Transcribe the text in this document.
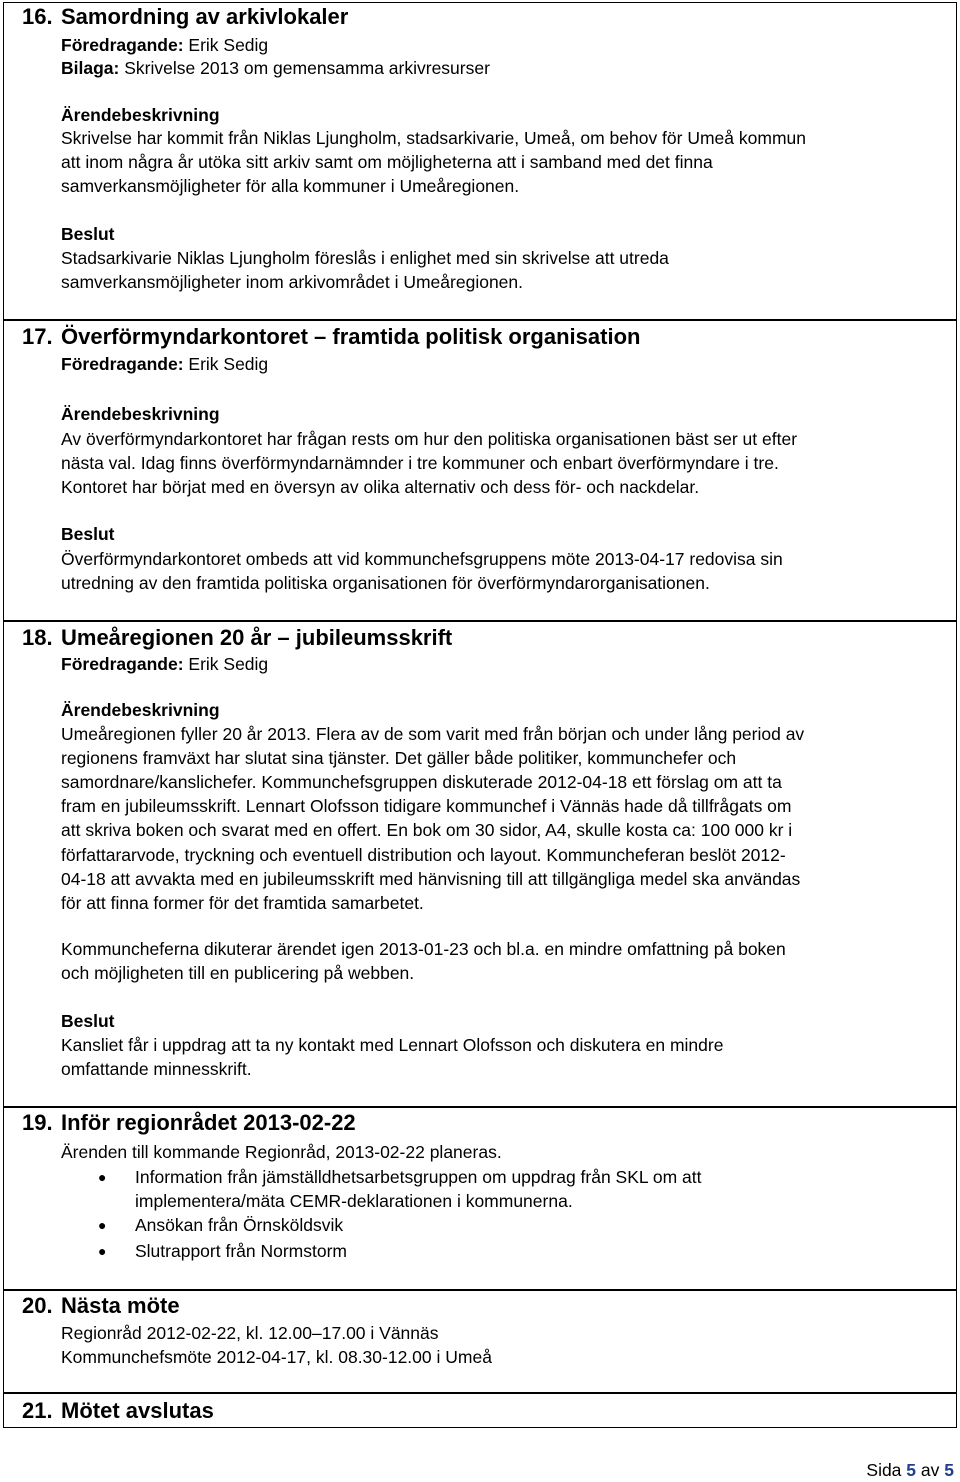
16. Samordning av arkivlokaler
Föredragande: Erik Sedig
Bilaga: Skrivelse 2013 om gemensamma arkivresurser
Ärendebeskrivning
Skrivelse har kommit från Niklas Ljungholm, stadsarkivarie, Umeå, om behov för Umeå kommun
att inom några år utöka sitt arkiv samt om möjligheterna att i samband med det finna
samverkansmöjligheter för alla kommuner i Umeåregionen.
Beslut
Stadsarkivarie Niklas Ljungholm föreslås i enlighet med sin skrivelse att utreda
samverkansmöjligheter inom arkivområdet i Umeåregionen.
17. Överförmyndarkontoret – framtida politisk organisation
Föredragande: Erik Sedig
Ärendebeskrivning
Av överförmyndarkontoret har frågan rests om hur den politiska organisationen bäst ser ut efter
nästa val. Idag finns överförmyndarnämnder i tre kommuner och enbart överförmyndare i tre.
Kontoret har börjat med en översyn av olika alternativ och dess för- och nackdelar.
Beslut
Överförmyndarkontoret ombeds att vid kommunchefsgruppens möte 2013-04-17 redovisa sin
utredning av den framtida politiska organisationen för överförmyndarorganisationen.
18. Umeåregionen 20 år – jubileumsskrift
Föredragande: Erik Sedig
Ärendebeskrivning
Umeåregionen fyller 20 år 2013. Flera av de som varit med från början och under lång period av
regionens framväxt har slutat sina tjänster. Det gäller både politiker, kommunchefer och
samordnare/kanslichefer. Kommunchefsgruppen diskuterade 2012-04-18 ett förslag om att ta
fram en jubileumsskrift. Lennart Olofsson tidigare kommunchef i Vännäs hade då tillfrågats om
att skriva boken och svarat med en offert. En bok om 30 sidor, A4, skulle kosta ca: 100 000 kr i
författararvode, tryckning och eventuell distribution och layout. Kommuncheferan beslöt 2012-
04-18 att avvakta med en jubileumsskrift med hänvisning till att tillgängliga medel ska användas
för att finna former för det framtida samarbetet.
Kommuncheferna dikuterar ärendet igen 2013-01-23 och bl.a. en mindre omfattning på boken
och möjligheten till en publicering på webben.
Beslut
Kansliet får i uppdrag att ta ny kontakt med Lennart Olofsson och diskutera en mindre
omfattande minnesskrift.
19. Inför regionrådet 2013-02-22
Ärenden till kommande Regionråd, 2013-02-22 planeras.
● Information från jämställdhetsarbetsgruppen om uppdrag från SKL om att
implementera/mäta CEMR-deklarationen i kommunerna.
● Ansökan från Örnsköldsvik
● Slutrapport från Normstorm
20. Nästa möte
Regionråd 2012-02-22, kl. 12.00–17.00 i Vännäs
Kommunchefsmöte 2012-04-17, kl. 08.30-12.00 i Umeå
21. Mötet avslutas
Sida 5 av 5
